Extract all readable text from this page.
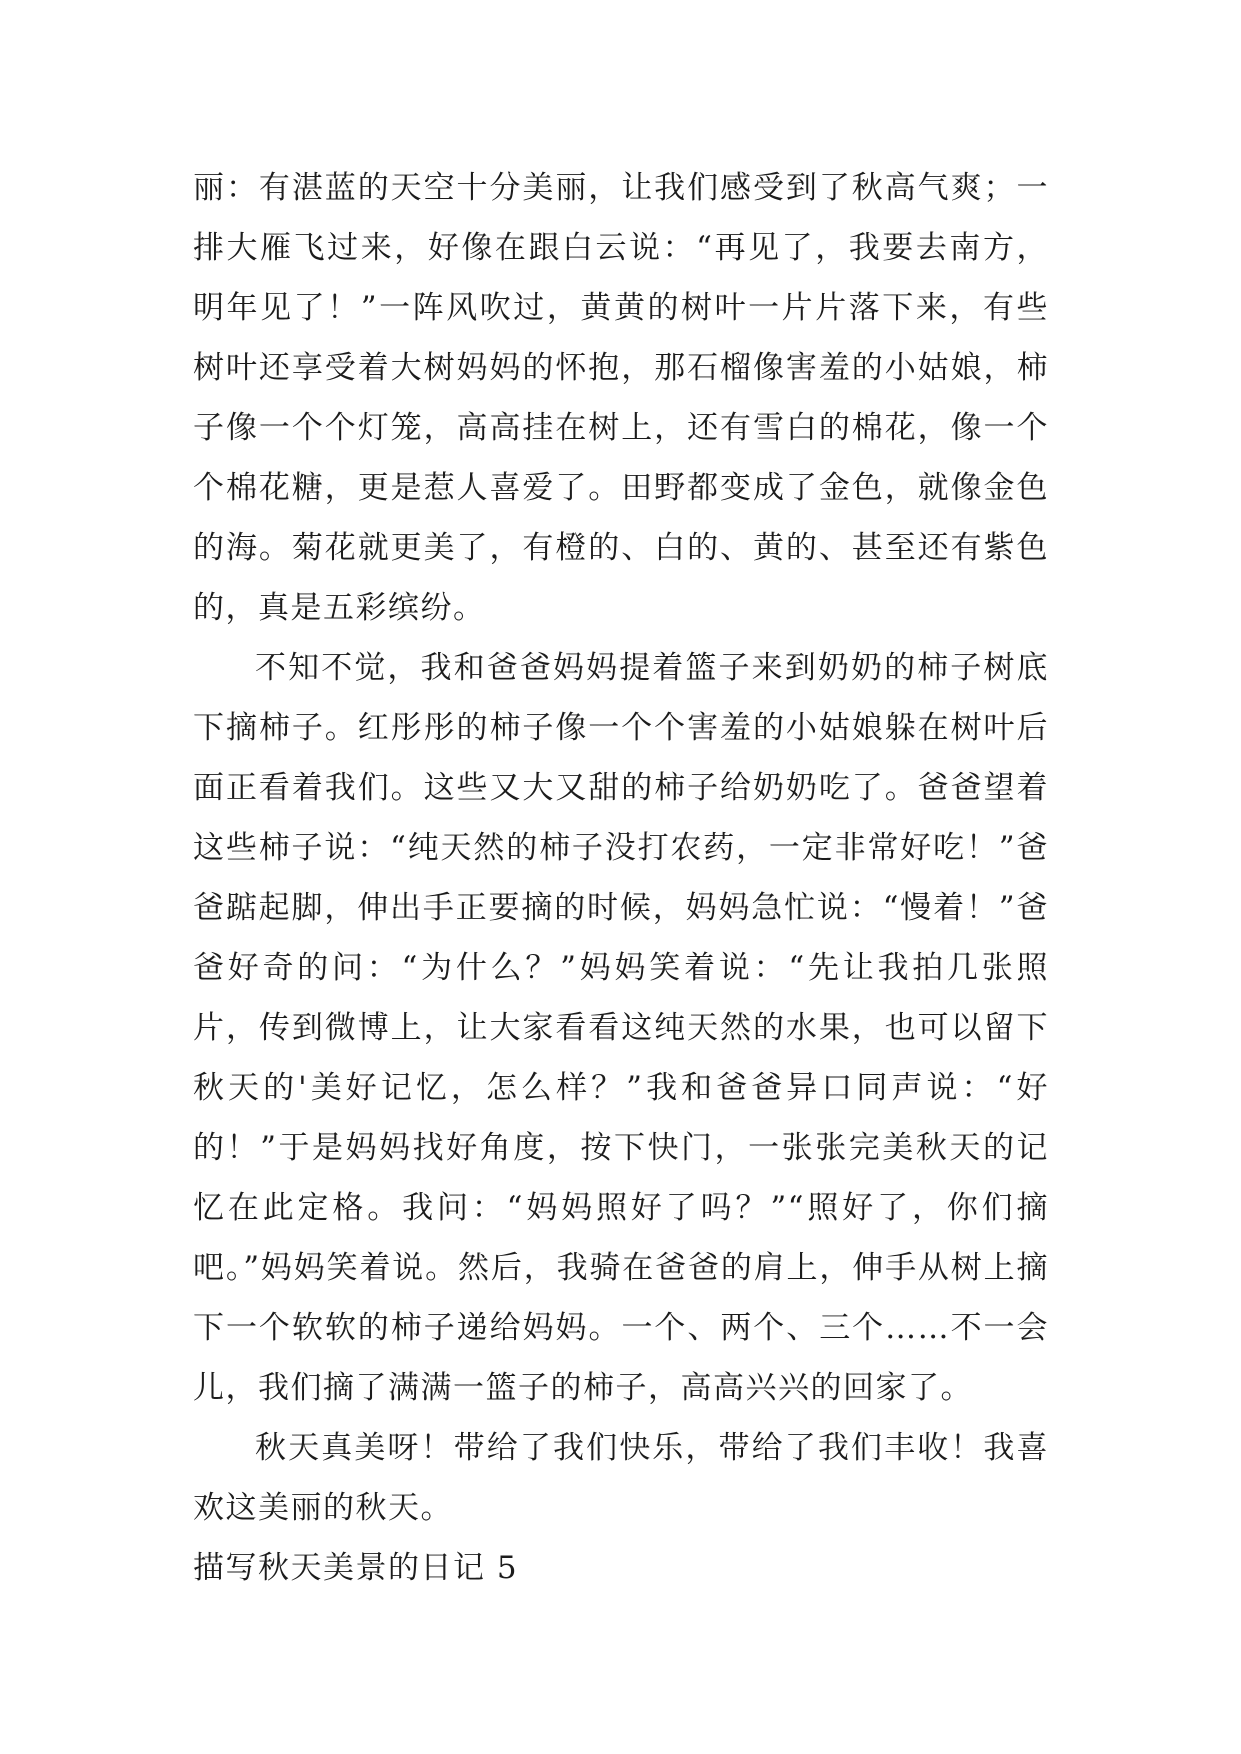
丽：有湛蓝的天空十分美丽，让我们感受到了秋高气爽；一排大雁飞过来，好像在跟白云说：“再见了，我要去南方，明年见了！”一阵风吹过，黄黄的树叶一片片落下来，有些树叶还享受着大树妈妈的怀抱，那石榴像害羞的小姑娘，柿子像一个个灯笼，高高挂在树上，还有雪白的棉花，像一个个棉花糖，更是惹人喜爱了。田野都变成了金色，就像金色的海。菊花就更美了，有橙的、白的、黄的、甚至还有紫色的，真是五彩缤纷。

不知不觉，我和爸爸妈妈提着篮子来到奶奶的柿子树底下摘柿子。红彤彤的柿子像一个个害羞的小姑娘躲在树叶后面正看着我们。这些又大又甜的柿子给奶奶吃了。爸爸望着这些柿子说：“纯天然的柿子没打农药，一定非常好吃！”爸爸踮起脚，伸出手正要摘的时候，妈妈急忙说：“慢着！”爸爸好奇的问：“为什么？”妈妈笑着说：“先让我拍几张照片，传到微博上，让大家看看这纯天然的水果，也可以留下秋天的'美好记忆，怎么样？”我和爸爸异口同声说：“好的！”于是妈妈找好角度，按下快门，一张张完美秋天的记忆在此定格。我问：“妈妈照好了吗？”“照好了，你们摘吧。”妈妈笑着说。然后，我骑在爸爸的肩上，伸手从树上摘下一个软软的柿子递给妈妈。一个、两个、三个……不一会儿，我们摘了满满一篮子的柿子，高高兴兴的回家了。

秋天真美呀！带给了我们快乐，带给了我们丰收！我喜欢这美丽的秋天。

描写秋天美景的日记 5
